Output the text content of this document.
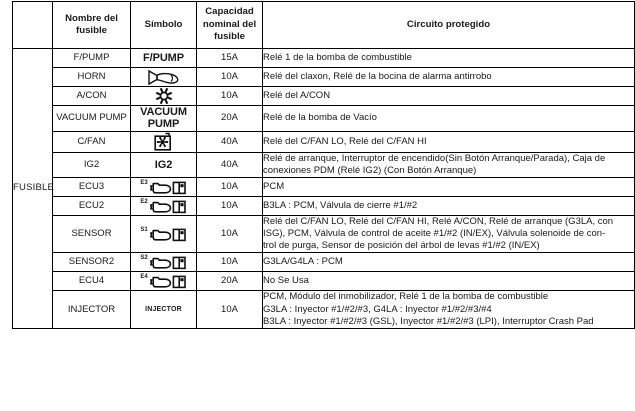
	Nombre del fusible	Símbolo	Capacidad nominal del fusible	Circuito protegido
FUSIBLE	F/PUMP	F/PUMP	15A	Relé 1 de la bomba de combustible

	HORN		10A	Relé del claxon, Relé de la bocina de alarma antirrobo

	A/CON		10A	Relé del A/CON

	VACUUM PUMP	VACUUM
PUMP	20A	Relé de la bomba de Vacío

	C/FAN		40A	Relé del C/FAN LO, Relé del C/FAN HI

	IG2	IG2	40A	Relé de arranque, Interruptor de encendido(Sin Botón Arranque/Parada), Caja de
conexiones PDM (Relé IG2) (Con Botón Arranque)

	ECU3	E3	10A	PCM

	ECU2	E2	10A	B3LA : PCM, Válvula de cierre #1/#2

	SENSOR	S1	10A	Relé del C/FAN LO, Relé del C/FAN HI, Relé A/CON, Relé de arranque (G3LA, con
ISG), PCM, Válvula de control de aceite #1/#2 (IN/EX), Válvula solenoide de con-
trol de purga, Sensor de posición del árbol de levas #1/#2 (IN/EX)

	SENSOR2	S2	10A	G3LA/G4LA : PCM

	ECU4	E4	20A	No Se Usa

	INJECTOR	INJECTOR	10A	PCM, Módulo del inmobilizador, Relé 1 de la bomba de combustible
G3LA : Inyector #1/#2/#3, G4LA : Inyector #1/#2/#3/#4
B3LA : Inyector #1/#2/#3 (GSL), Inyector #1/#2/#3 (LPI), Interruptor Crash Pad
